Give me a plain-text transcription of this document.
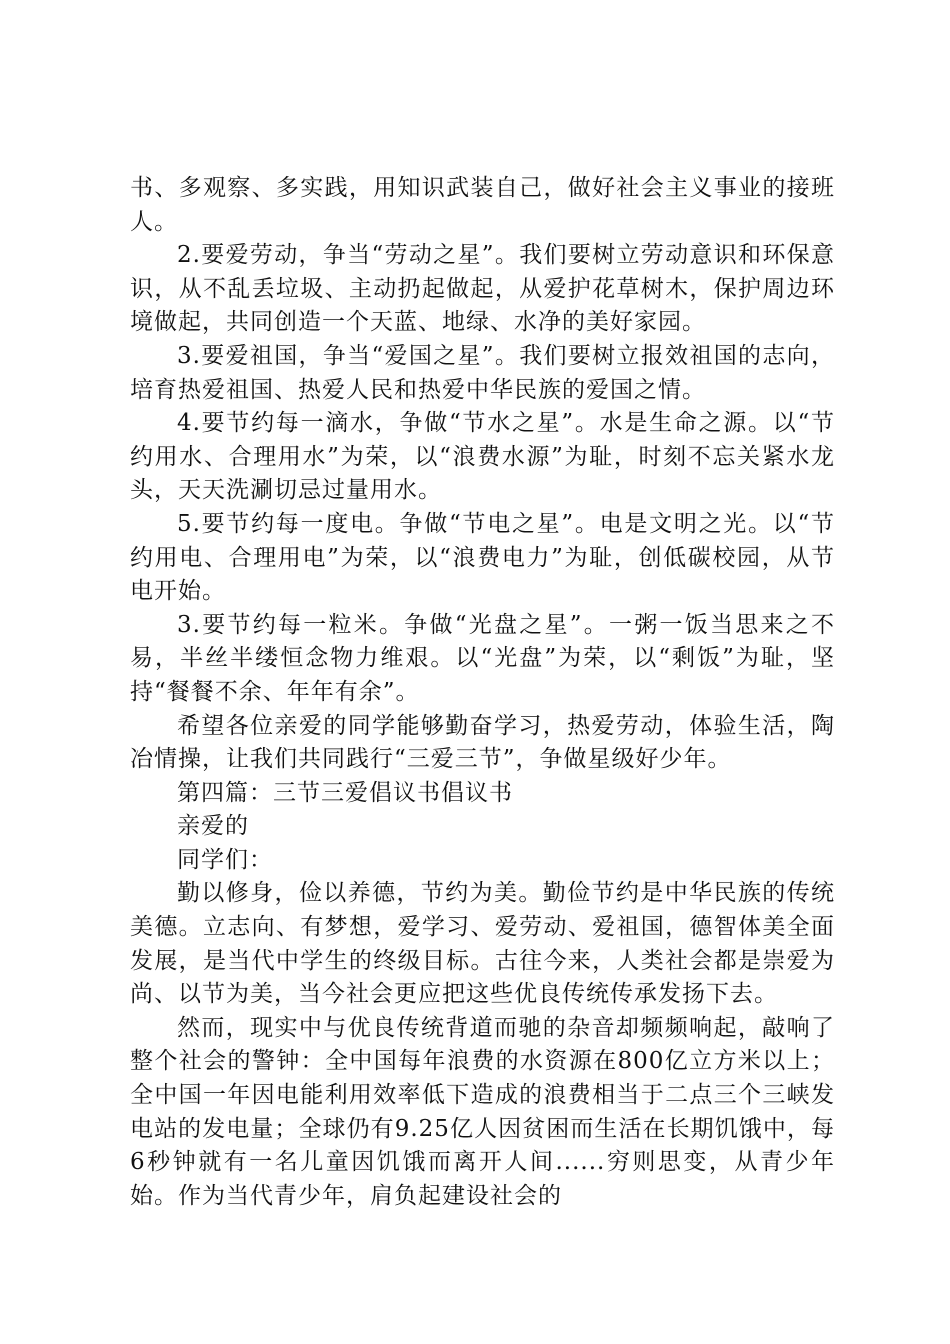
书、多观察、多实践，用知识武装自己，做好社会主义事业的接班人。

2.要爱劳动，争当“劳动之星”。我们要树立劳动意识和环保意识，从不乱丢垃圾、主动扔起做起，从爱护花草树木，保护周边环境做起，共同创造一个天蓝、地绿、水净的美好家园。

3.要爱祖国，争当“爱国之星”。我们要树立报效祖国的志向，培育热爱祖国、热爱人民和热爱中华民族的爱国之情。

4.要节约每一滴水，争做“节水之星”。水是生命之源。以“节约用水、合理用水”为荣，以“浪费水源”为耻，时刻不忘关紧水龙头，天天洗涮切忌过量用水。

5.要节约每一度电。争做“节电之星”。电是文明之光。以“节约用电、合理用电”为荣，以“浪费电力”为耻，创低碳校园，从节电开始。

3.要节约每一粒米。争做“光盘之星”。一粥一饭当思来之不易，半丝半缕恒念物力维艰。以“光盘”为荣，以“剩饭”为耻，坚持“餐餐不余、年年有余”。

希望各位亲爱的同学能够勤奋学习，热爱劳动，体验生活，陶冶情操，让我们共同践行“三爱三节”，争做星级好少年。

第四篇：三节三爱倡议书倡议书

亲爱的

同学们：

勤以修身，俭以养德，节约为美。勤俭节约是中华民族的传统美德。立志向、有梦想，爱学习、爱劳动、爱祖国，德智体美全面发展，是当代中学生的终级目标。古往今来，人类社会都是崇爱为尚、以节为美，当今社会更应把这些优良传统传承发扬下去。

然而，现实中与优良传统背道而驰的杂音却频频响起，敲响了整个社会的警钟：全中国每年浪费的水资源在800亿立方米以上；全中国一年因电能利用效率低下造成的浪费相当于二点三个三峡发电站的发电量；全球仍有9.25亿人因贫困而生活在长期饥饿中，每6秒钟就有一名儿童因饥饿而离开人间......穷则思变，从青少年始。作为当代青少年，肩负起建设社会的
